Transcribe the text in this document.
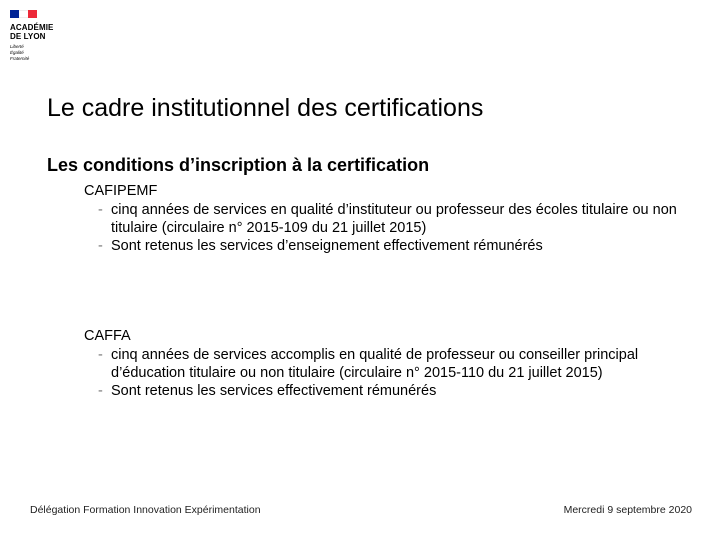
ACADÉMIE
DE LYON
Liberté
Égalité
Fraternité
Le cadre institutionnel des certifications
Les conditions d’inscription à la certification
CAFIPEMF
- cinq années de services en qualité d’instituteur ou professeur des écoles titulaire ou non titulaire (circulaire n° 2015-109 du 21 juillet 2015)
- Sont retenus les services d’enseignement effectivement rémunérés
CAFFA
- cinq années de services accomplis en qualité de professeur ou conseiller principal d’éducation titulaire ou non titulaire (circulaire n° 2015-110 du 21 juillet 2015)
- Sont retenus les services effectivement rémunérés
Délégation Formation Innovation Expérimentation	Mercredi 9 septembre 2020
